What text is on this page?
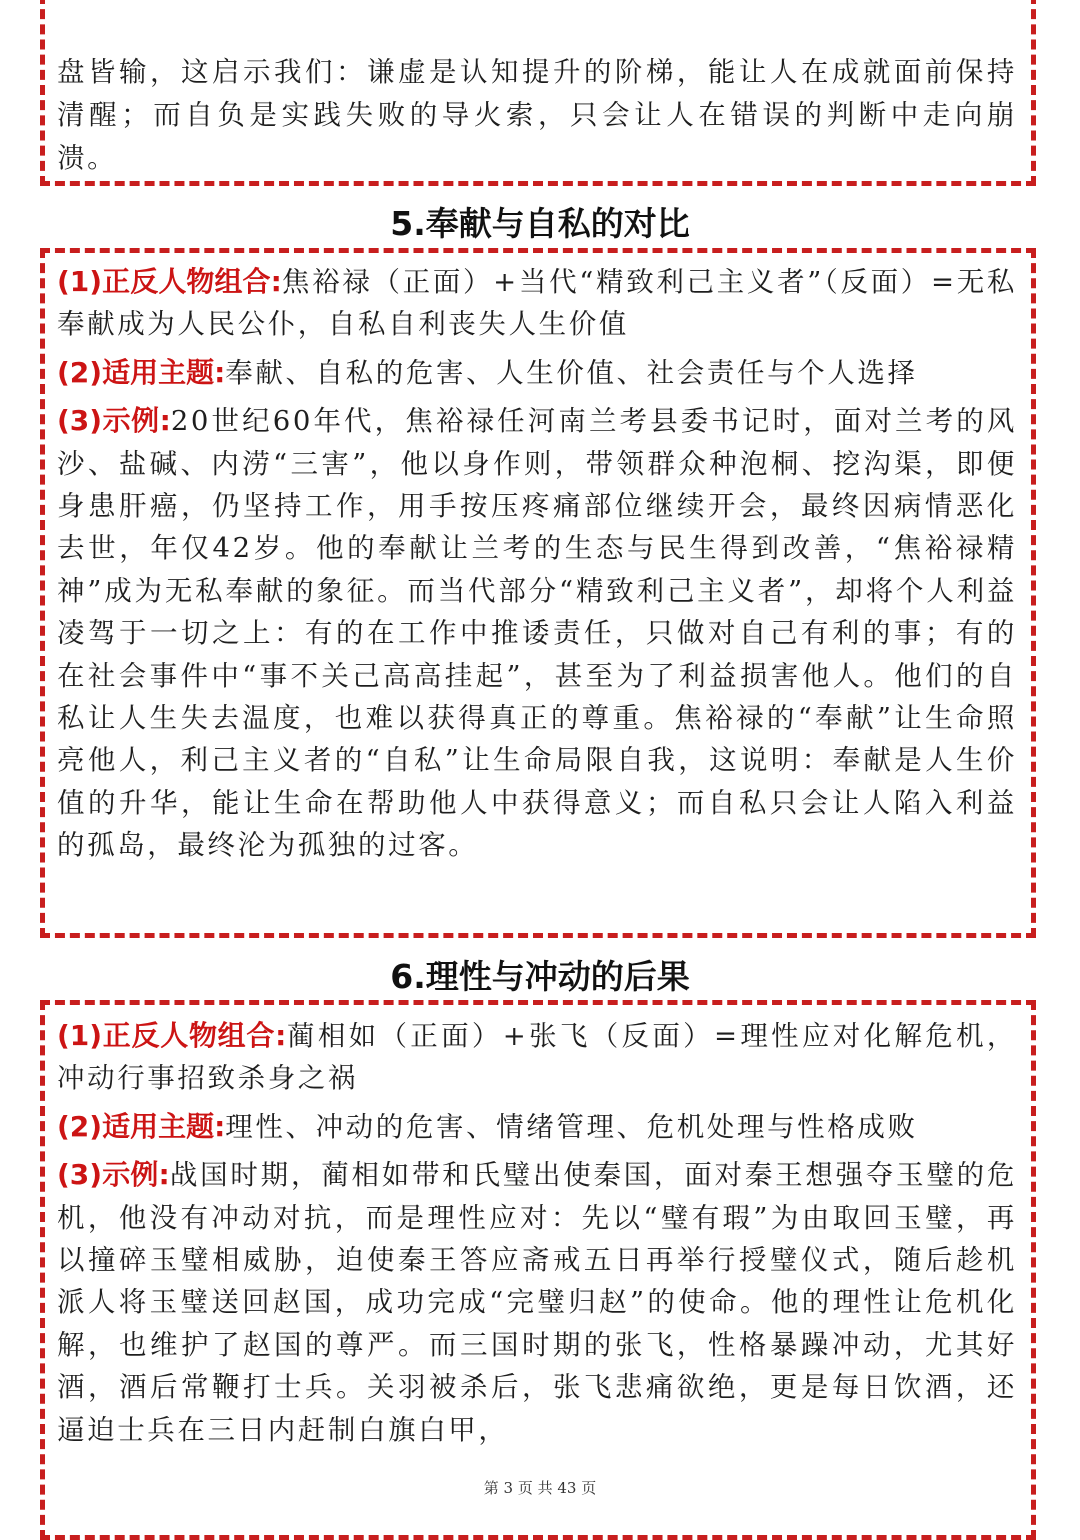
盘皆输，这启示我们：谦虚是认知提升的阶梯，能让人在成就面前保持清醒；而自负是实践失败的导火索，只会让人在错误的判断中走向崩溃。

5.奉献与自私的对比

(1)正反人物组合:焦裕禄（正面）+当代“精致利己主义者”（反面）=无私奉献成为人民公仆，自私自利丧失人生价值

(2)适用主题:奉献、自私的危害、人生价值、社会责任与个人选择

(3)示例:20世纪60年代，焦裕禄任河南兰考县委书记时，面对兰考的风沙、盐碱、内涝“三害”，他以身作则，带领群众种泡桐、挖沟渠，即便身患肝癌，仍坚持工作，用手按压疼痛部位继续开会，最终因病情恶化去世，年仅42岁。他的奉献让兰考的生态与民生得到改善，“焦裕禄精神”成为无私奉献的象征。而当代部分“精致利己主义者”，却将个人利益凌驾于一切之上：有的在工作中推诿责任，只做对自己有利的事；有的在社会事件中“事不关己高高挂起”，甚至为了利益损害他人。他们的自私让人生失去温度，也难以获得真正的尊重。焦裕禄的“奉献”让生命照亮他人，利己主义者的“自私”让生命局限自我，这说明：奉献是人生价值的升华，能让生命在帮助他人中获得意义；而自私只会让人陷入利益的孤岛，最终沦为孤独的过客。

6.理性与冲动的后果

(1)正反人物组合:蔺相如（正面）+张飞（反面）=理性应对化解危机，冲动行事招致杀身之祸

(2)适用主题:理性、冲动的危害、情绪管理、危机处理与性格成败

(3)示例:战国时期，蔺相如带和氏璧出使秦国，面对秦王想强夺玉璧的危机，他没有冲动对抗，而是理性应对：先以“璧有瑕”为由取回玉璧，再以撞碎玉璧相威胁，迫使秦王答应斋戒五日再举行授璧仪式，随后趁机派人将玉璧送回赵国，成功完成“完璧归赵”的使命。他的理性让危机化解，也维护了赵国的尊严。而三国时期的张飞，性格暴躁冲动，尤其好酒，酒后常鞭打士兵。关羽被杀后，张飞悲痛欲绝，更是每日饮酒，还逼迫士兵在三日内赶制白旗白甲，

第 3 页 共 43 页
